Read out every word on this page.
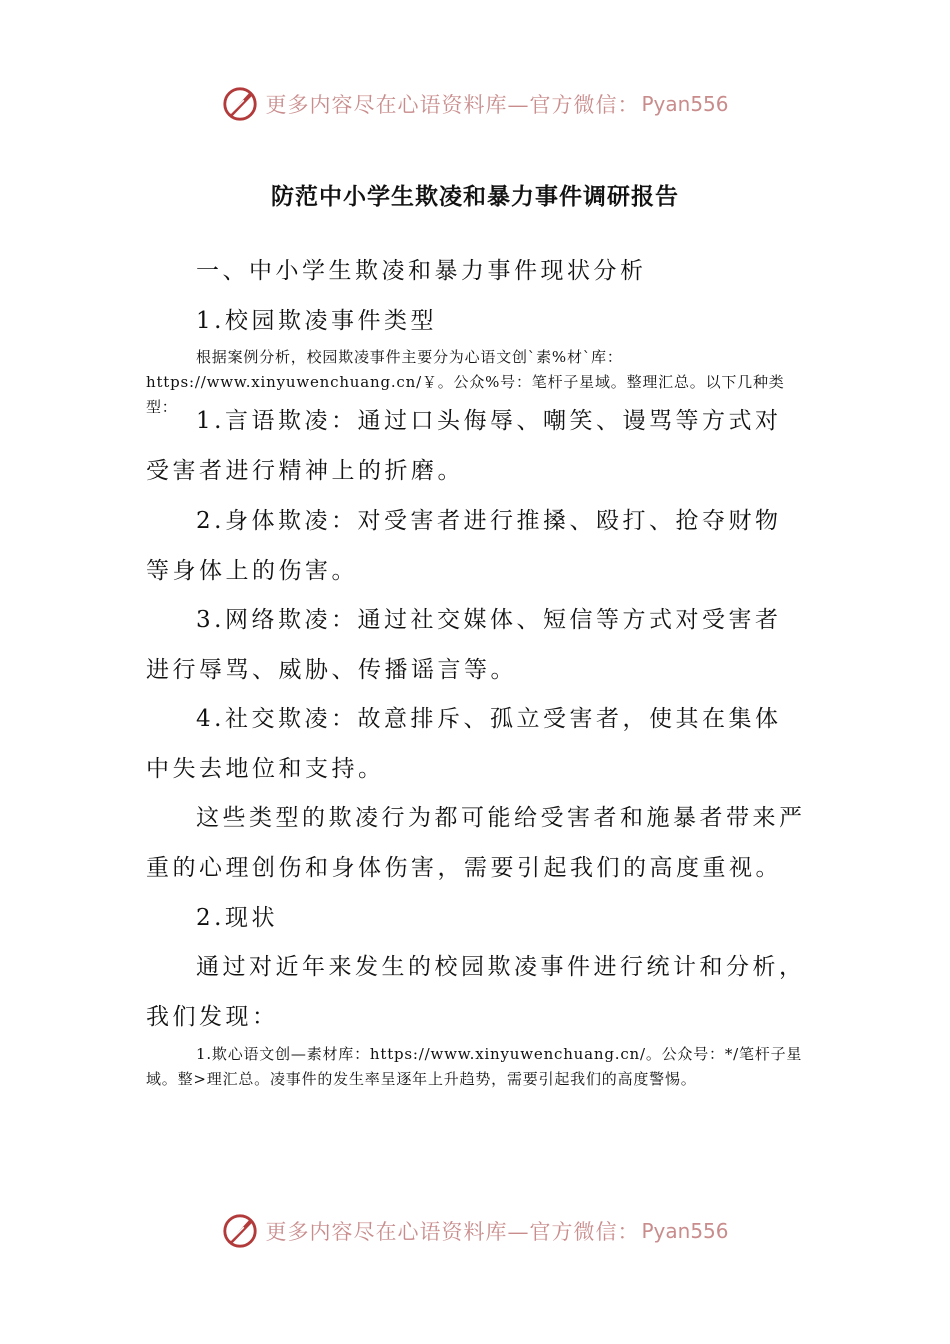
更多内容尽在心语资料库—官方微信： Pyan556
防范中小学生欺凌和暴力事件调研报告

一、中小学生欺凌和暴力事件现状分析

1.校园欺凌事件类型

根据案例分析，校园欺凌事件主要分为心语文创`素%材`库：https://www.xinyuwenchuang.cn/￥。公众%号：笔杆子星域。整理汇总。以下几种类型：

1.言语欺凌：通过口头侮辱、嘲笑、谩骂等方式对受害者进行精神上的折磨。

2.身体欺凌：对受害者进行推搡、殴打、抢夺财物等身体上的伤害。

3.网络欺凌：通过社交媒体、短信等方式对受害者进行辱骂、威胁、传播谣言等。

4.社交欺凌：故意排斥、孤立受害者，使其在集体中失去地位和支持。

这些类型的欺凌行为都可能给受害者和施暴者带来严重的心理创伤和身体伤害，需要引起我们的高度重视。

2.现状

通过对近年来发生的校园欺凌事件进行统计和分析，我们发现：

1.欺心语文创—素材库：https://www.xinyuwenchuang.cn/。公众号：*/笔杆子星域。整>理汇总。凌事件的发生率呈逐年上升趋势，需要引起我们的高度警惕。

更多内容尽在心语资料库—官方微信： Pyan556
